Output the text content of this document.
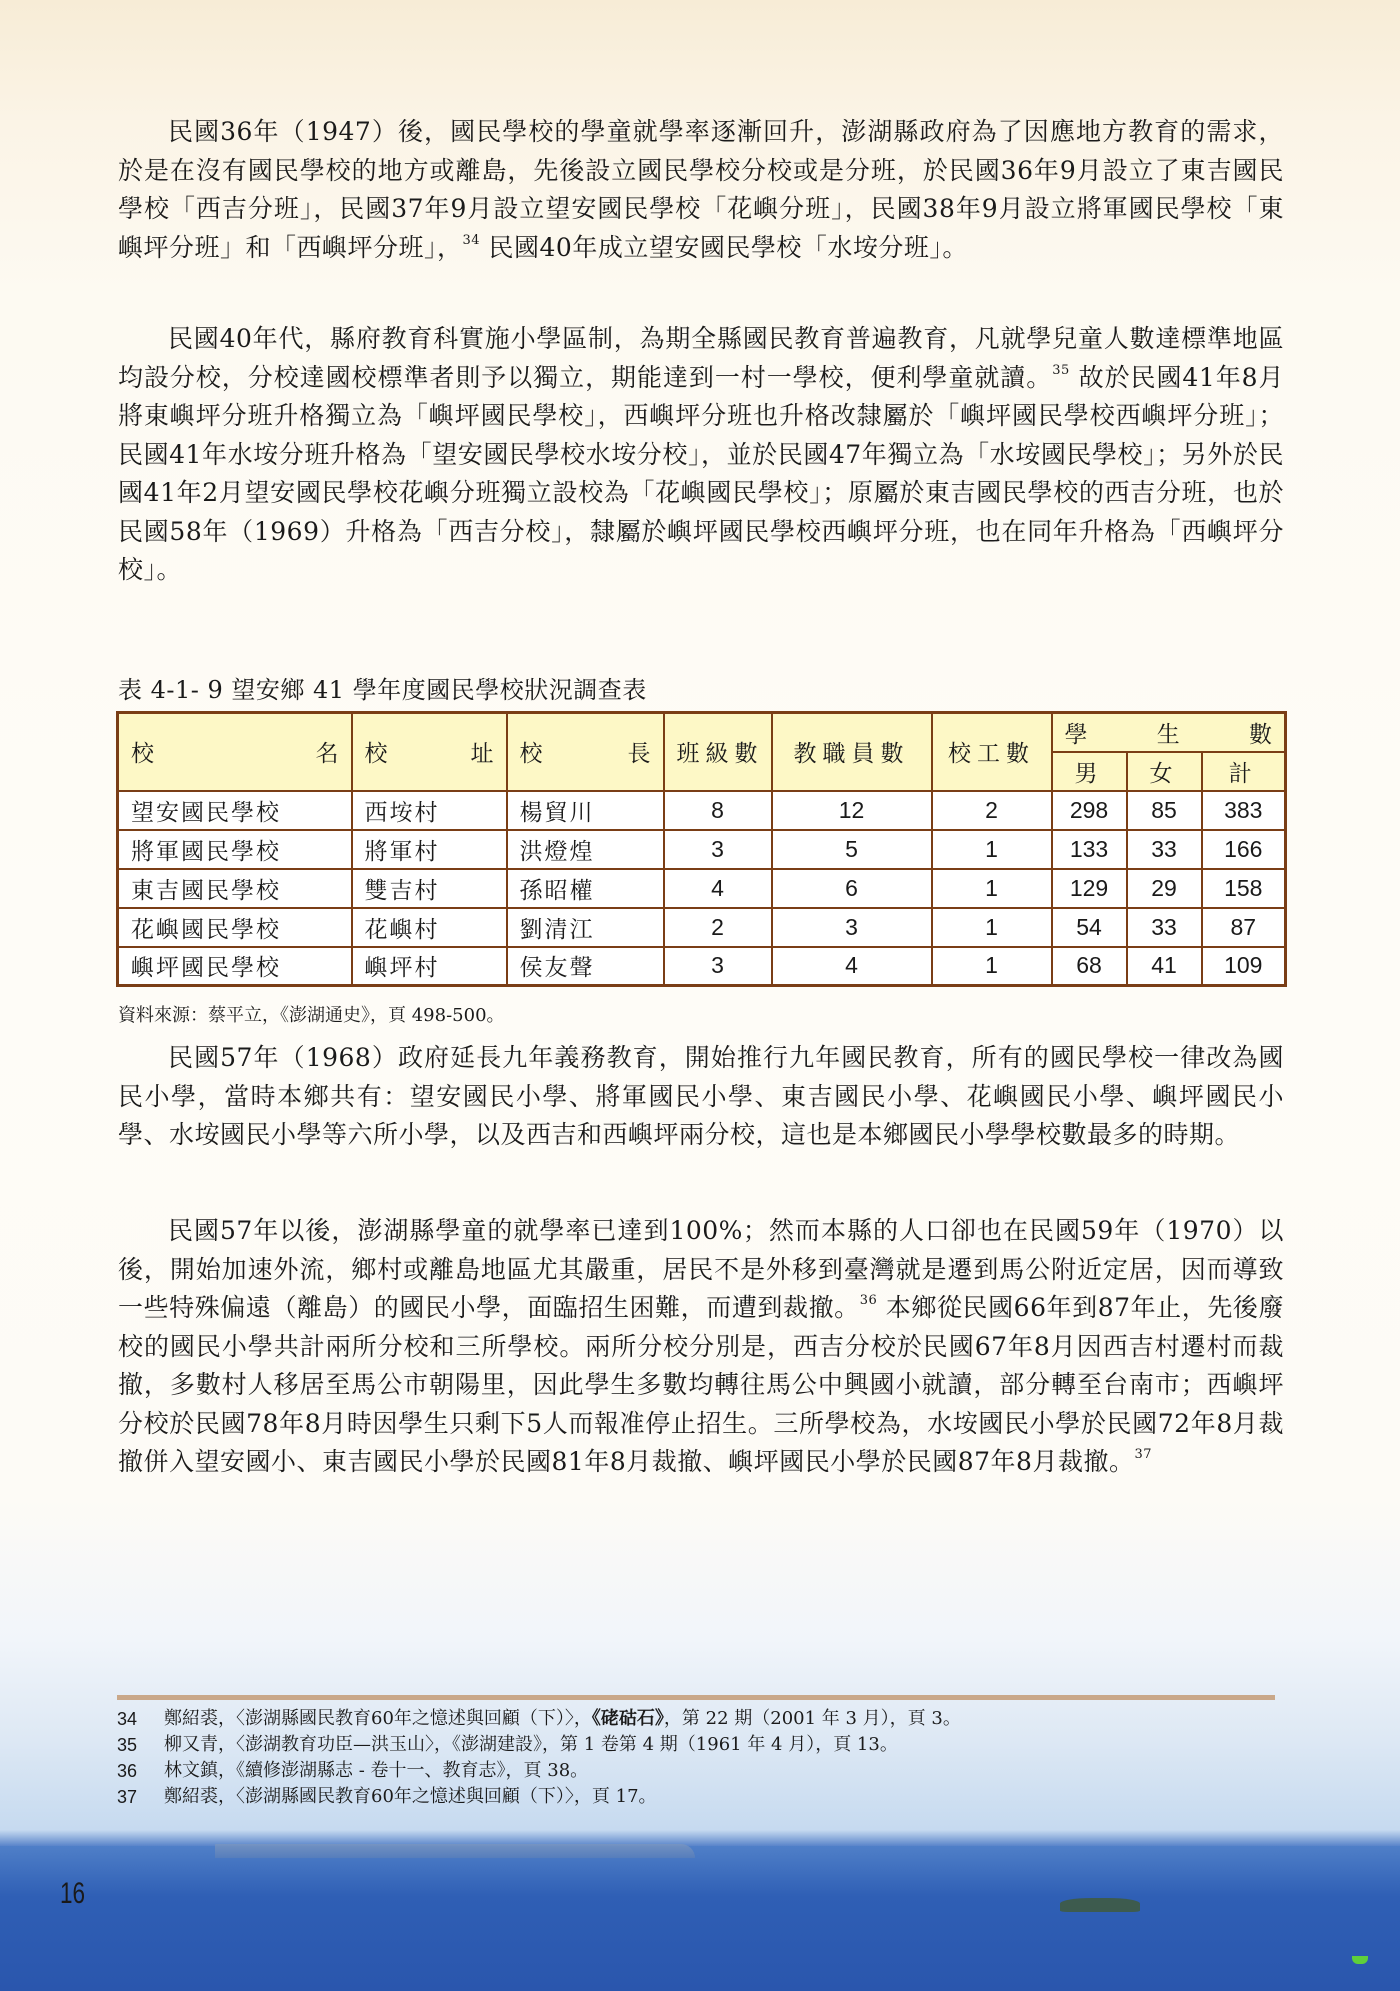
民國36年（1947）後，國民學校的學童就學率逐漸回升，澎湖縣政府為了因應地方教育的需求，於是在沒有國民學校的地方或離島，先後設立國民學校分校或是分班，於民國36年9月設立了東吉國民學校「西吉分班」，民國37年9月設立望安國民學校「花嶼分班」，民國38年9月設立將軍國民學校「東嶼坪分班」和「西嶼坪分班」，$^{34}$ 民國40年成立望安國民學校「水垵分班」。

民國40年代，縣府教育科實施小學區制，為期全縣國民教育普遍教育，凡就學兒童人數達標準地區均設分校，分校達國校標準者則予以獨立，期能達到一村一學校，便利學童就讀。$^{35}$ 故於民國41年8月將東嶼坪分班升格獨立為「嶼坪國民學校」，西嶼坪分班也升格改隸屬於「嶼坪國民學校西嶼坪分班」；民國41年水垵分班升格為「望安國民學校水垵分校」，並於民國47年獨立為「水垵國民學校」；另外於民國41年2月望安國民學校花嶼分班獨立設校為「花嶼國民學校」；原屬於東吉國民學校的西吉分班，也於民國58年（1969）升格為「西吉分校」，隸屬於嶼坪國民學校西嶼坪分班，也在同年升格為「西嶼坪分校」。

表 4-1- 9 望安鄉 41 學年度國民學校狀況調查表

校　　　　名	校　　址	校　　長	班級數	教職員數	校工數	學　　生　　數		
						男	女	計
望安國民學校	西垵村	楊貿川	8	12	2	298	85	383
將軍國民學校	將軍村	洪燈煌	3	5	1	133	33	166
東吉國民學校	雙吉村	孫昭權	4	6	1	129	29	158
花嶼國民學校	花嶼村	劉清江	2	3	1	54	33	87
嶼坪國民學校	嶼坪村	侯友聲	3	4	1	68	41	109

資料來源：蔡平立，《澎湖通史》，頁 498-500。

民國57年（1968）政府延長九年義務教育，開始推行九年國民教育，所有的國民學校一律改為國民小學，當時本鄉共有：望安國民小學、將軍國民小學、東吉國民小學、花嶼國民小學、嶼坪國民小學、水垵國民小學等六所小學，以及西吉和西嶼坪兩分校，這也是本鄉國民小學學校數最多的時期。

民國57年以後，澎湖縣學童的就學率已達到100%；然而本縣的人口卻也在民國59年（1970）以後，開始加速外流，鄉村或離島地區尤其嚴重，居民不是外移到臺灣就是遷到馬公附近定居，因而導致一些特殊偏遠（離島）的國民小學，面臨招生困難，而遭到裁撤。$^{36}$ 本鄉從民國66年到87年止，先後廢校的國民小學共計兩所分校和三所學校。兩所分校分別是，西吉分校於民國67年8月因西吉村遷村而裁撤，多數村人移居至馬公市朝陽里，因此學生多數均轉往馬公中興國小就讀，部分轉至台南市；西嶼坪分校於民國78年8月時因學生只剩下5人而報准停止招生。三所學校為，水垵國民小學於民國72年8月裁撤併入望安國小、東吉國民小學於民國81年8月裁撤、嶼坪國民小學於民國87年8月裁撤。$^{37}$

34	鄭紹裘，〈澎湖縣國民教育60年之憶述與回顧（下）〉，《硓𥑮石》，第 22 期（2001 年 3 月），頁 3。
35	柳又青，〈澎湖教育功臣—洪玉山〉，《澎湖建設》，第 1 卷第 4 期（1961 年 4 月），頁 13。
36	林文鎮，《續修澎湖縣志 - 卷十一、教育志》，頁 38。
37	鄭紹裘，〈澎湖縣國民教育60年之憶述與回顧（下）〉，頁 17。
16
